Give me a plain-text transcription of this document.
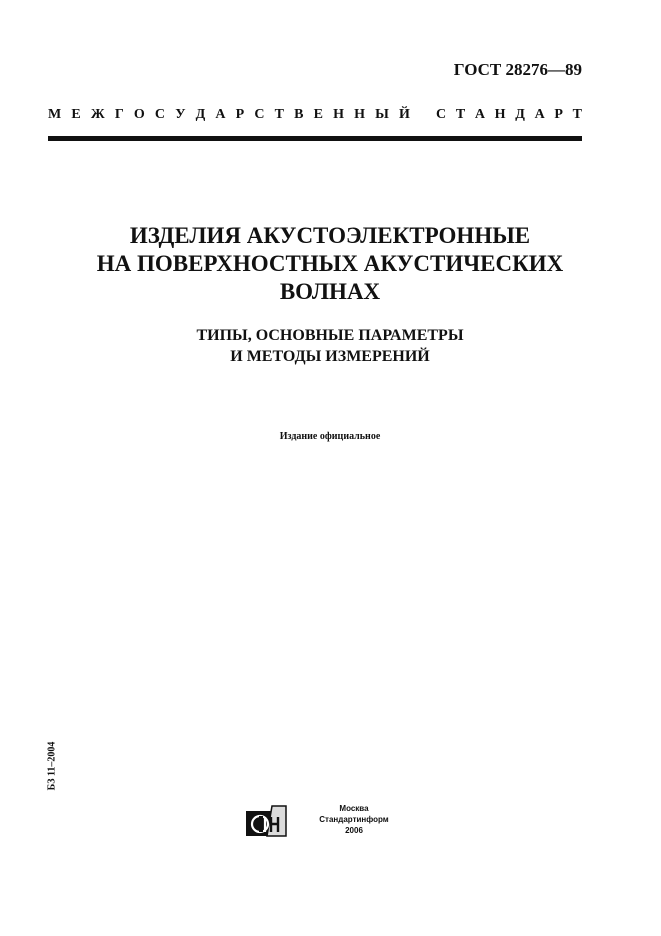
ГОСТ 28276—89
М Е Ж Г О С У Д А Р С Т В Е Н Н Ы Й С Т А Н Д А Р Т
ИЗДЕЛИЯ АКУСТОЭЛЕКТРОННЫЕ
НА ПОВЕРХНОСТНЫХ АКУСТИЧЕСКИХ
ВОЛНАХ
ТИПЫ, ОСНОВНЫЕ ПАРАМЕТРЫ
И МЕТОДЫ ИЗМЕРЕНИЙ
Издание официальное
БЗ 11–2004
Москва
Стандартинформ
2006
